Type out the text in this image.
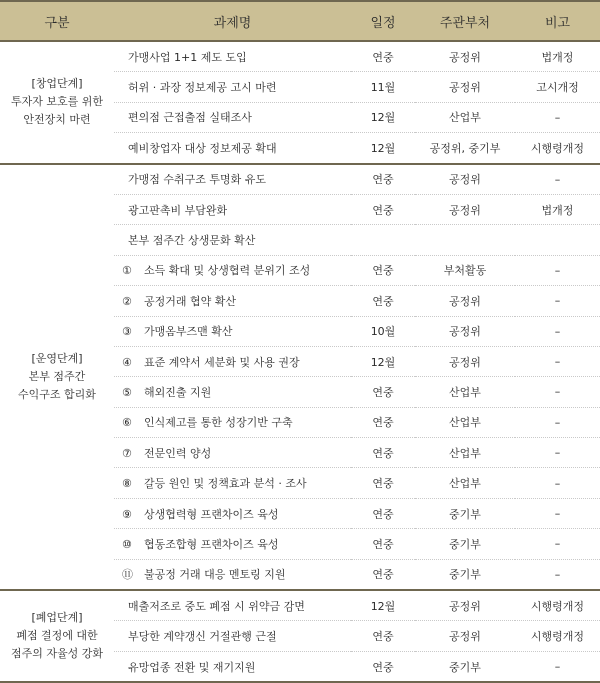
구분	과제명	일정	주관부처	비고

[창업단계]
투자자 보호를 위한
안전장치 마련	가맹사업 1+1 제도 도입	연중	공정위	법개정
	허위 · 과장 정보제공 고시 마련	11월	공정위	고시개정
	편의점 근접출점 실태조사	12월	산업부	–
	예비창업자 대상 정보제공 확대	12월	공정위, 중기부	시행령개정

[운영단계]
본부 점주간
수익구조 합리화	가맹점 수취구조 투명화 유도	연중	공정위	–
	광고판촉비 부담완화	연중	공정위	법개정
	본부 점주간 상생문화 확산			
	① 소득 확대 및 상생협력 분위기 조성	연중	부처활동	–
	② 공정거래 협약 확산	연중	공정위	–
	③ 가맹옴부즈맨 확산	10월	공정위	–
	④ 표준 계약서 세분화 및 사용 권장	12월	공정위	–
	⑤ 해외진출 지원	연중	산업부	–
	⑥ 인식제고를 통한 성장기반 구축	연중	산업부	–
	⑦ 전문인력 양성	연중	산업부	–
	⑧ 갈등 원인 및 정책효과 분석 · 조사	연중	산업부	–
	⑨ 상생협력형 프랜차이즈 육성	연중	중기부	–
	⑩ 협동조합형 프랜차이즈 육성	연중	중기부	–
	⑪ 불공정 거래 대응 멘토링 지원	연중	중기부	–

[폐업단계]
폐점 결정에 대한
점주의 자율성 강화	매출저조로 중도 폐점 시 위약금 감면	12월	공정위	시행령개정
	부당한 계약갱신 거절관행 근절	연중	공정위	시행령개정
	유망업종 전환 및 재기지원	연중	중기부	–
